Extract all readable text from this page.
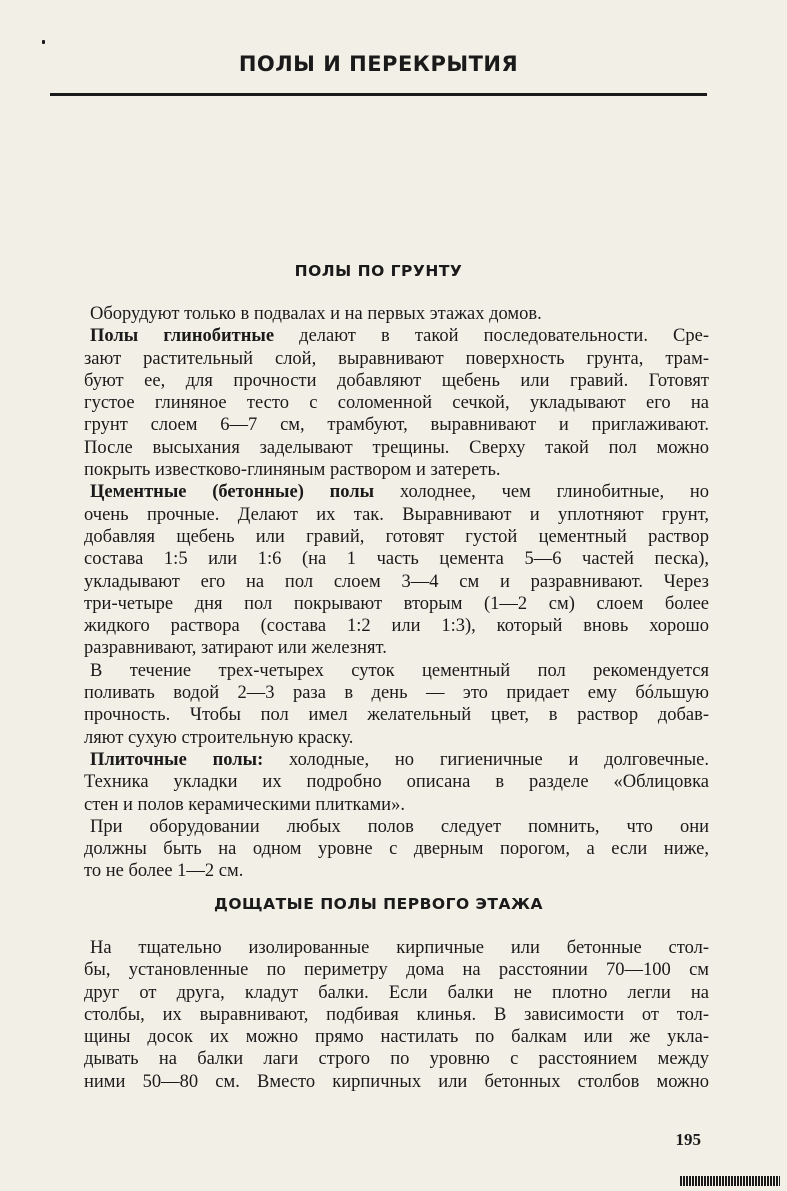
ПОЛЫ И ПЕРЕКРЫТИЯ
ПОЛЫ ПО ГРУНТУ
Оборудуют только в подвалах и на первых этажах домов.
Полы глинобитные делают в такой последовательности. Сре-
зают растительный слой, выравнивают поверхность грунта, трам-
буют ее, для прочности добавляют щебень или гравий. Готовят
густое глиняное тесто с соломенной сечкой, укладывают его на
грунт слоем 6—7 см, трамбуют, выравнивают и приглаживают.
После высыхания заделывают трещины. Сверху такой пол можно
покрыть известково-глиняным раствором и затереть.
Цементные (бетонные) полы холоднее, чем глинобитные, но
очень прочные. Делают их так. Выравнивают и уплотняют грунт,
добавляя щебень или гравий, готовят густой цементный раствор
состава 1:5 или 1:6 (на 1 часть цемента 5—6 частей песка),
укладывают его на пол слоем 3—4 см и разравнивают. Через
три-четыре дня пол покрывают вторым (1—2 см) слоем более
жидкого раствора (состава 1:2 или 1:3), который вновь хорошо
разравнивают, затирают или железнят.
В течение трех-четырех суток цементный пол рекомендуется
поливать водой 2—3 раза в день — это придает ему бóльшую
прочность. Чтобы пол имел желательный цвет, в раствор добав-
ляют сухую строительную краску.
Плиточные полы: холодные, но гигиеничные и долговечные.
Техника укладки их подробно описана в разделе «Облицовка
стен и полов керамическими плитками».
При оборудовании любых полов следует помнить, что они
должны быть на одном уровне с дверным порогом, а если ниже,
то не более 1—2 см.
ДОЩАТЫЕ ПОЛЫ ПЕРВОГО ЭТАЖА
На тщательно изолированные кирпичные или бетонные стол-
бы, установленные по периметру дома на расстоянии 70—100 см
друг от друга, кладут балки. Если балки не плотно легли на
столбы, их выравнивают, подбивая клинья. В зависимости от тол-
щины досок их можно прямо настилать по балкам или же укла-
дывать на балки лаги строго по уровню с расстоянием между
ними 50—80 см. Вместо кирпичных или бетонных столбов можно
195
